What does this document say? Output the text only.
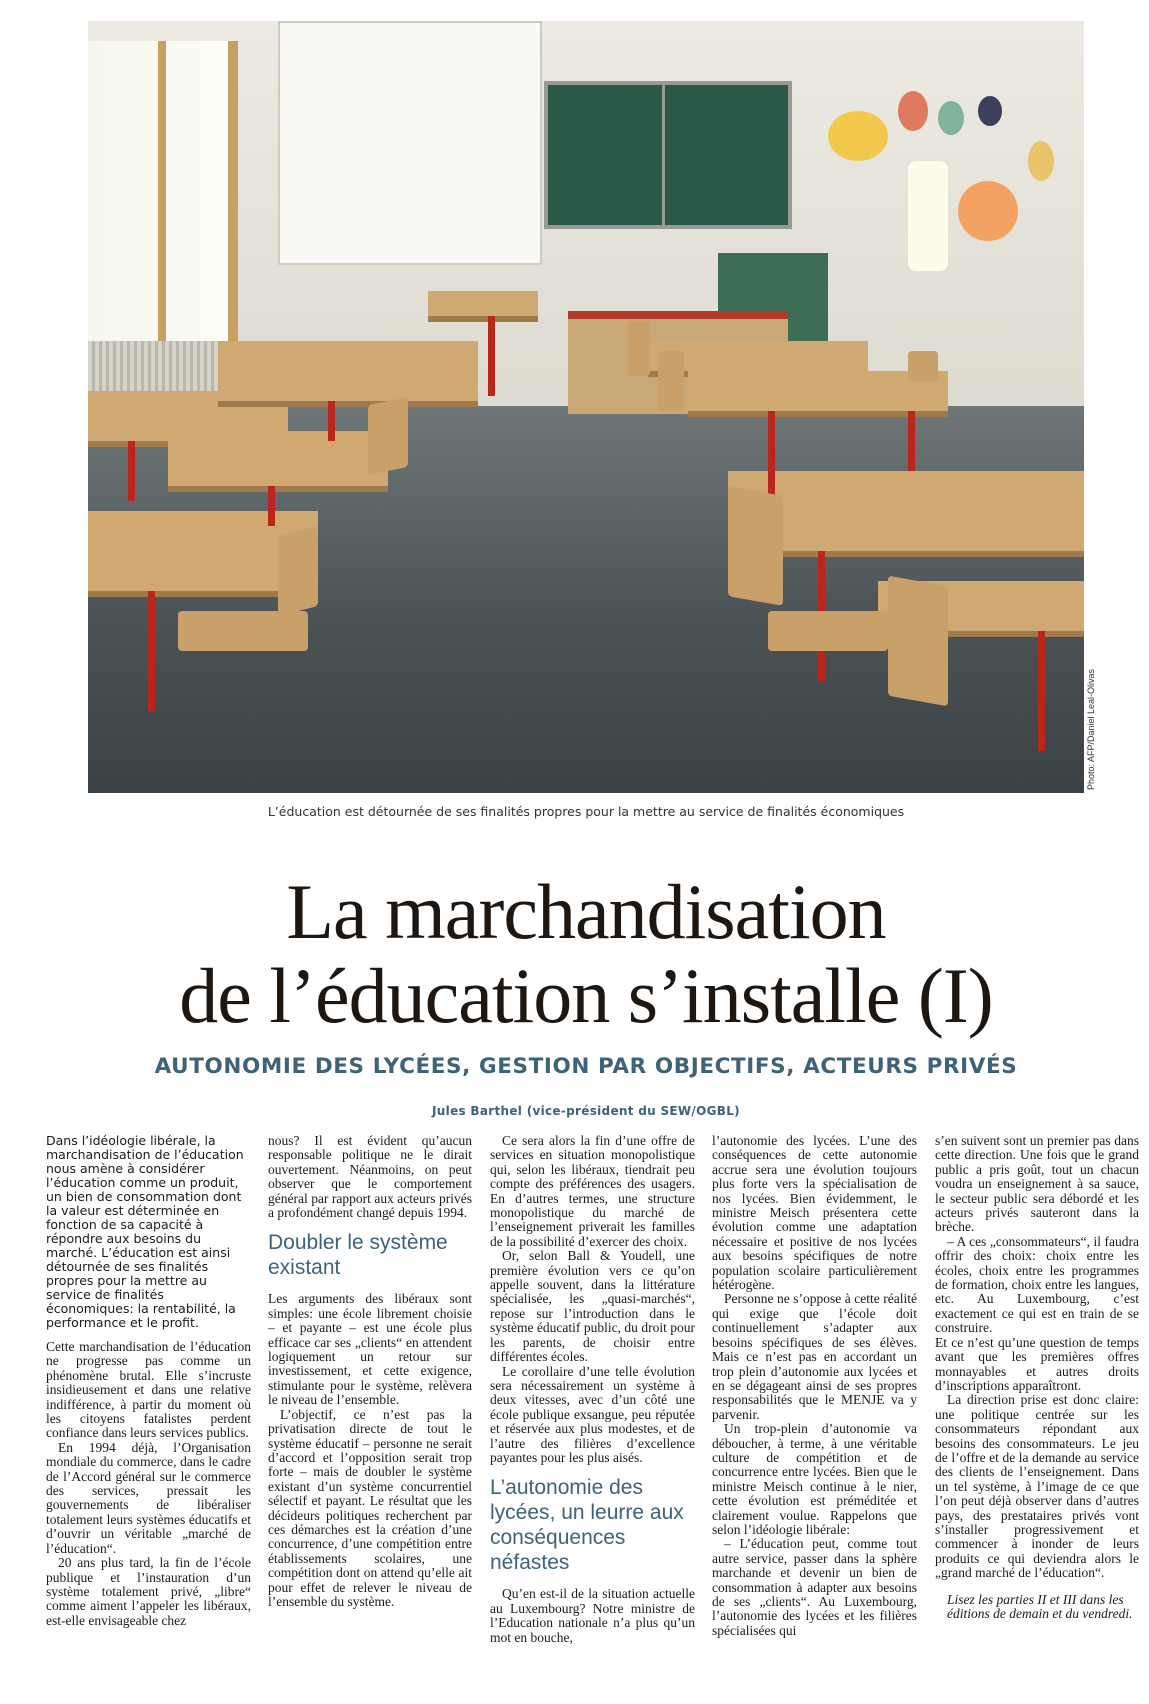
Photo: AFP/Daniel Leal-Olivas
L’éducation est détournée de ses finalités propres pour la mettre au service de finalités économiques
La marchandisation
de l’éducation s’installe (I)
AUTONOMIE DES LYCÉES, GESTION PAR OBJECTIFS, ACTEURS PRIVÉS
Jules Barthel (vice-président du SEW/OGBL)

Dans l’idéologie libérale, la marchandisation de l’éducation nous amène à considérer l’éducation comme un produit, un bien de consommation dont la valeur est déterminée en fonction de sa capacité à répondre aux besoins du marché. L’éducation est ainsi détournée de ses finalités propres pour la mettre au service de finalités économiques: la rentabilité, la performance et le profit.

Cette marchandisation de l’éducation ne progresse pas comme un phénomène brutal. Elle s’incruste insidieusement et dans une relative indifférence, à partir du moment où les citoyens fatalistes perdent confiance dans leurs services publics.

En 1994 déjà, l’Organisation mondiale du commerce, dans le cadre de l’Accord général sur le commerce des services, pressait les gouvernements de libéraliser totalement leurs systèmes éducatifs et d’ouvrir un véritable „marché de l’éducation“.

20 ans plus tard, la fin de l’école publique et l’instauration d’un système totalement privé, „libre“ comme aiment l’appeler les libéraux, est-elle envisageable chez

nous? Il est évident qu’aucun responsable politique ne le dirait ouvertement. Néanmoins, on peut observer que le comportement général par rapport aux acteurs privés a profondément changé depuis 1994.

Doubler le système existant

Les arguments des libéraux sont simples: une école librement choisie – et payante – est une école plus efficace car ses „clients“ en attendent logiquement un retour sur investissement, et cette exigence, stimulante pour le système, relèvera le niveau de l’ensemble.

L’objectif, ce n’est pas la privatisation directe de tout le système éducatif – personne ne serait d’accord et l’opposition serait trop forte – mais de doubler le système existant d’un système concurrentiel sélectif et payant. Le résultat que les décideurs politiques recherchent par ces démarches est la création d’une concurrence, d’une compétition entre établissements scolaires, une compétition dont on attend qu’elle ait pour effet de relever le niveau de l’ensemble du système.

Ce sera alors la fin d’une offre de services en situation monopolistique qui, selon les libéraux, tiendrait peu compte des préférences des usagers. En d’autres termes, une structure monopolistique du marché de l’enseignement priverait les familles de la possibilité d’exercer des choix.

Or, selon Ball & Youdell, une première évolution vers ce qu’on appelle souvent, dans la littérature spécialisée, les „quasi-marchés“, repose sur l’introduction dans le système éducatif public, du droit pour les parents, de choisir entre différentes écoles.

Le corollaire d’une telle évolution sera nécessairement un système à deux vitesses, avec d’un côté une école publique exsangue, peu réputée et réservée aux plus modestes, et de l’autre des filières d’excellence payantes pour les plus aisés.

L’autonomie des lycées, un leurre aux conséquences néfastes

Qu’en est-il de la situation actuelle au Luxembourg? Notre ministre de l’Education nationale n’a plus qu’un mot en bouche,

l’autonomie des lycées. L’une des conséquences de cette autonomie accrue sera une évolution toujours plus forte vers la spécialisation de nos lycées. Bien évidemment, le ministre Meisch présentera cette évolution comme une adaptation nécessaire et positive de nos lycées aux besoins spécifiques de notre population scolaire particulièrement hétérogène.

Personne ne s’oppose à cette réalité qui exige que l’école doit continuellement s’adapter aux besoins spécifiques de ses élèves. Mais ce n’est pas en accordant un trop plein d’autonomie aux lycées et en se dégageant ainsi de ses propres responsabilités que le MENJE va y parvenir.

Un trop-plein d’autonomie va déboucher, à terme, à une véritable culture de compétition et de concurrence entre lycées. Bien que le ministre Meisch continue à le nier, cette évolution est préméditée et clairement voulue. Rappelons que selon l’idéologie libérale:

– L’éducation peut, comme tout autre service, passer dans la sphère marchande et devenir un bien de consommation à adapter aux besoins de ses „clients“. Au Luxembourg, l’autonomie des lycées et les filières spécialisées qui

s’en suivent sont un premier pas dans cette direction. Une fois que le grand public a pris goût, tout un chacun voudra un enseignement à sa sauce, le secteur public sera débordé et les acteurs privés sauteront dans la brèche.

– A ces „consommateurs“, il faudra offrir des choix: choix entre les écoles, choix entre les programmes de formation, choix entre les langues, etc. Au Luxembourg, c’est exactement ce qui est en train de se construire.

Et ce n’est qu’une question de temps avant que les premières offres monnayables et autres droits d’inscriptions apparaîtront.

La direction prise est donc claire: une politique centrée sur les consommateurs répondant aux besoins des consommateurs. Le jeu de l’offre et de la demande au service des clients de l’enseignement. Dans un tel système, à l’image de ce que l’on peut déjà observer dans d’autres pays, des prestataires privés vont s’installer progressivement et commencer à inonder de leurs produits ce qui deviendra alors le „grand marché de l’éducation“.

Lisez les parties II et III dans les éditions de demain et du vendredi.
